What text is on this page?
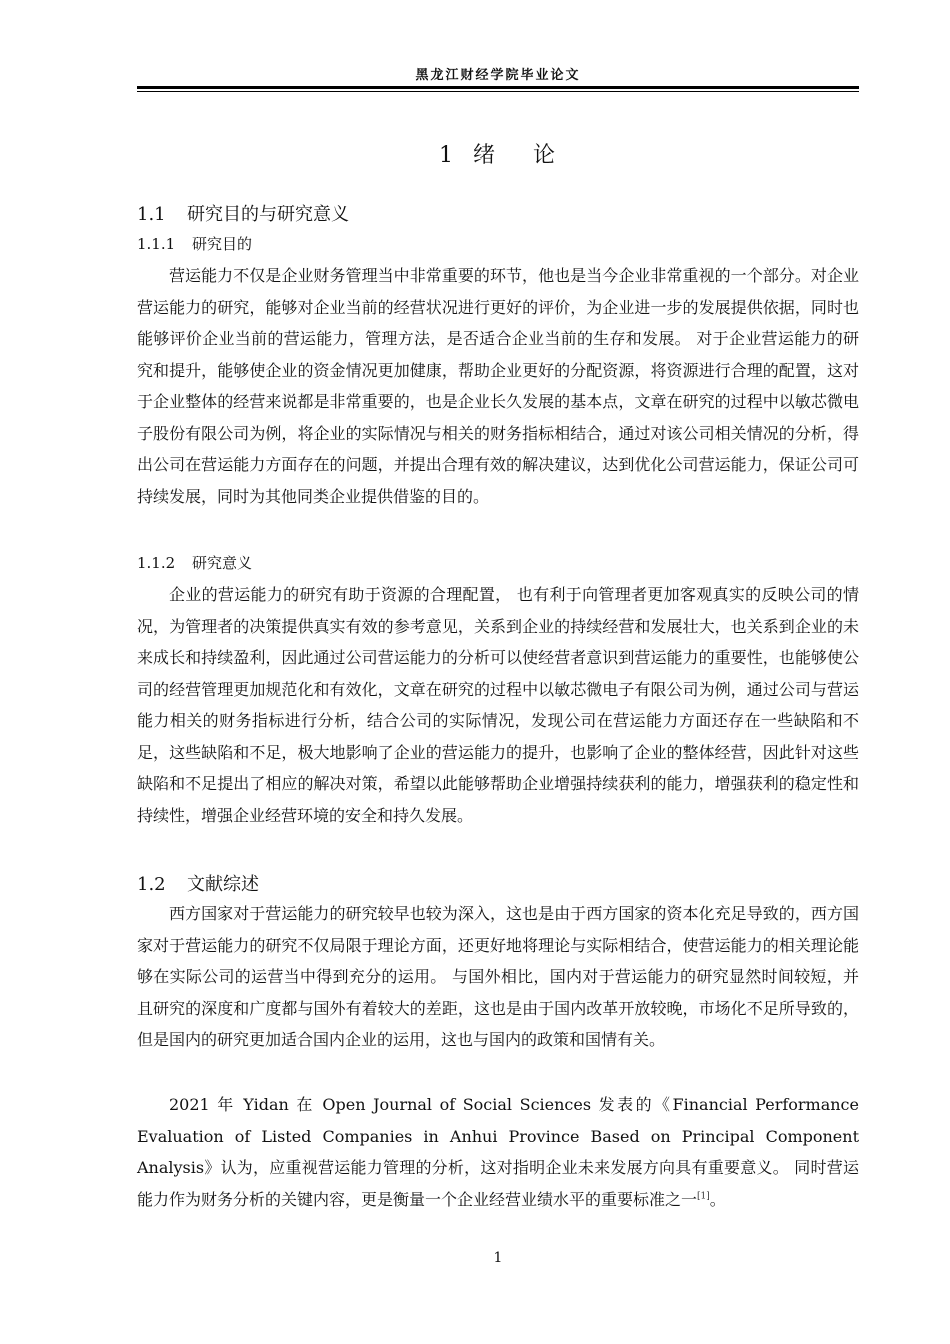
黑龙江财经学院毕业论文
1 绪 论
1.1 研究目的与研究意义
1.1.1 研究目的

营运能力不仅是企业财务管理当中非常重要的环节，他也是当今企业非常重视的一个部分。对企业营运能力的研究，能够对企业当前的经营状况进行更好的评价，为企业进一步的发展提供依据，同时也能够评价企业当前的营运能力，管理方法，是否适合企业当前的生存和发展。 对于企业营运能力的研究和提升，能够使企业的资金情况更加健康，帮助企业更好的分配资源，将资源进行合理的配置，这对于企业整体的经营来说都是非常重要的，也是企业长久发展的基本点，文章在研究的过程中以敏芯微电子股份有限公司为例，将企业的实际情况与相关的财务指标相结合，通过对该公司相关情况的分析，得出公司在营运能力方面存在的问题，并提出合理有效的解决建议，达到优化公司营运能力，保证公司可持续发展，同时为其他同类企业提供借鉴的目的。

1.1.2 研究意义

企业的营运能力的研究有助于资源的合理配置， 也有利于向管理者更加客观真实的反映公司的情况，为管理者的决策提供真实有效的参考意见，关系到企业的持续经营和发展壮大，也关系到企业的未来成长和持续盈利，因此通过公司营运能力的分析可以使经营者意识到营运能力的重要性，也能够使公司的经营管理更加规范化和有效化，文章在研究的过程中以敏芯微电子有限公司为例，通过公司与营运能力相关的财务指标进行分析，结合公司的实际情况，发现公司在营运能力方面还存在一些缺陷和不足，这些缺陷和不足，极大地影响了企业的营运能力的提升，也影响了企业的整体经营，因此针对这些缺陷和不足提出了相应的解决对策，希望以此能够帮助企业增强持续获利的能力，增强获利的稳定性和持续性，增强企业经营环境的安全和持久发展。

1.2 文献综述

西方国家对于营运能力的研究较早也较为深入，这也是由于西方国家的资本化充足导致的，西方国家对于营运能力的研究不仅局限于理论方面，还更好地将理论与实际相结合，使营运能力的相关理论能够在实际公司的运营当中得到充分的运用。 与国外相比，国内对于营运能力的研究显然时间较短，并且研究的深度和广度都与国外有着较大的差距，这也是由于国内改革开放较晚，市场化不足所导致的，但是国内的研究更加适合国内企业的运用，这也与国内的政策和国情有关。

2021 年 Yidan 在 Open Journal of Social Sciences 发表的《Financial Performance Evaluation of Listed Companies in Anhui Province Based on Principal Component Analysis》认为，应重视营运能力管理的分析，这对指明企业未来发展方向具有重要意义。 同时营运能力作为财务分析的关键内容，更是衡量一个企业经营业绩水平的重要标准之一[1]。

1
